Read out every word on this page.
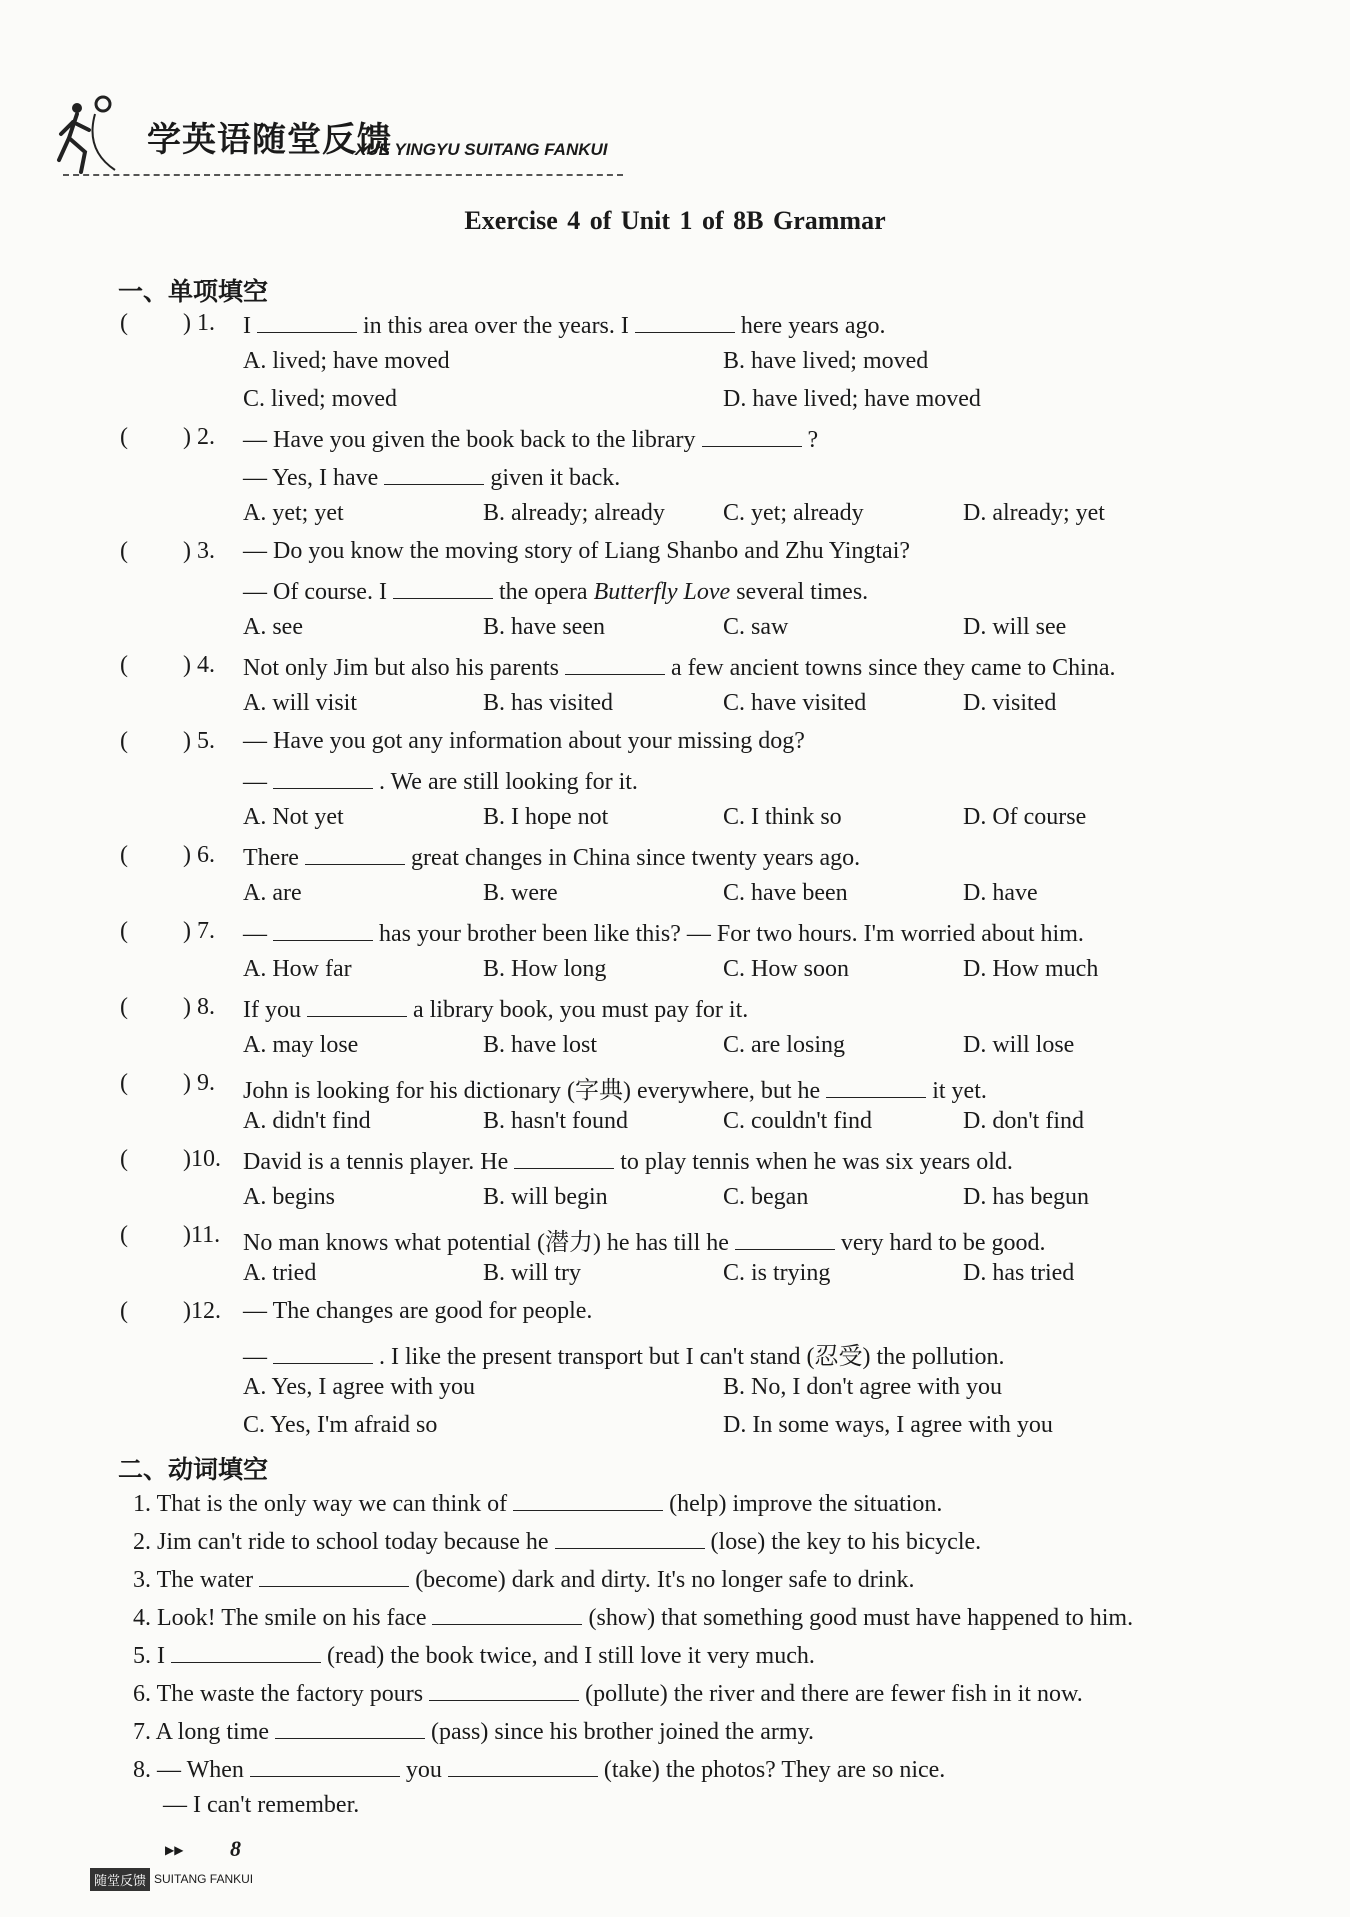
学英语随堂反馈
XUE YINGYU SUITANG FANKUI
Exercise 4 of Unit 1 of 8B Grammar
一、单项填空
( ) 1. I	in this area over the years. I	here years ago.
A. lived; have moved	B. have lived; moved
C. lived; moved	D. have lived; have moved
( ) 2. — Have you given the book back to the library	?
— Yes, I have	given it back.
A. yet; yet	B. already; already C. yet; already	D. already; yet
( ) 3. — Do you know the moving story of Liang Shanbo and Zhu Yingtai?
— Of course. I	the opera Butterfly Love several times.
A. see	B. have seen	C. saw	D. will see
( ) 4. Not only Jim but also his parents	a few ancient towns since they came to China.
A. will visit	B. has visited	C. have visited	D. visited
( ) 5. — Have you got any information about your missing dog?
—	. We are still looking for it.
A. Not yet	B. I hope not	C. I think so	D. Of course
( ) 6. There	great changes in China since twenty years ago.
A. are	B. were	C. have been	D. have
( ) 7. —	has your brother been like this? — For two hours. I'm worried about him.
A. How far	B. How long	C. How soon	D. How much
( ) 8. If you	a library book, you must pay for it.
A. may lose	B. have lost	C. are losing	D. will lose
( ) 9. John is looking for his dictionary (字典) everywhere, but he	it yet.
A. didn't find	B. hasn't found	C. couldn't find	D. don't find
( )10. David is a tennis player. He	to play tennis when he was six years old.
A. begins	B. will begin	C. began	D. has begun
( )11. No man knows what potential (潜力) he has till he	very hard to be good.
A. tried	B. will try	C. is trying	D. has tried
( )12. — The changes are good for people.
—	. I like the present transport but I can't stand (忍受) the pollution.
A. Yes, I agree with you	B. No, I don't agree with you
C. Yes, I'm afraid so	D. In some ways, I agree with you
二、动词填空
1. That is the only way we can think of	(help) improve the situation.
2. Jim can't ride to school today because he	(lose) the key to his bicycle.
3. The water	(become) dark and dirty. It's no longer safe to drink.
4. Look! The smile on his face	(show) that something good must have happened to him.
5. I	(read) the book twice, and I still love it very much.
6. The waste the factory pours	(pollute) the river and there are fewer fish in it now.
7. A long time	(pass) since his brother joined the army.
8. — When	you	(take) the photos? They are so nice.
— I can't remember.
▶▶ 8
随堂反馈 SUITANG FANKUI
